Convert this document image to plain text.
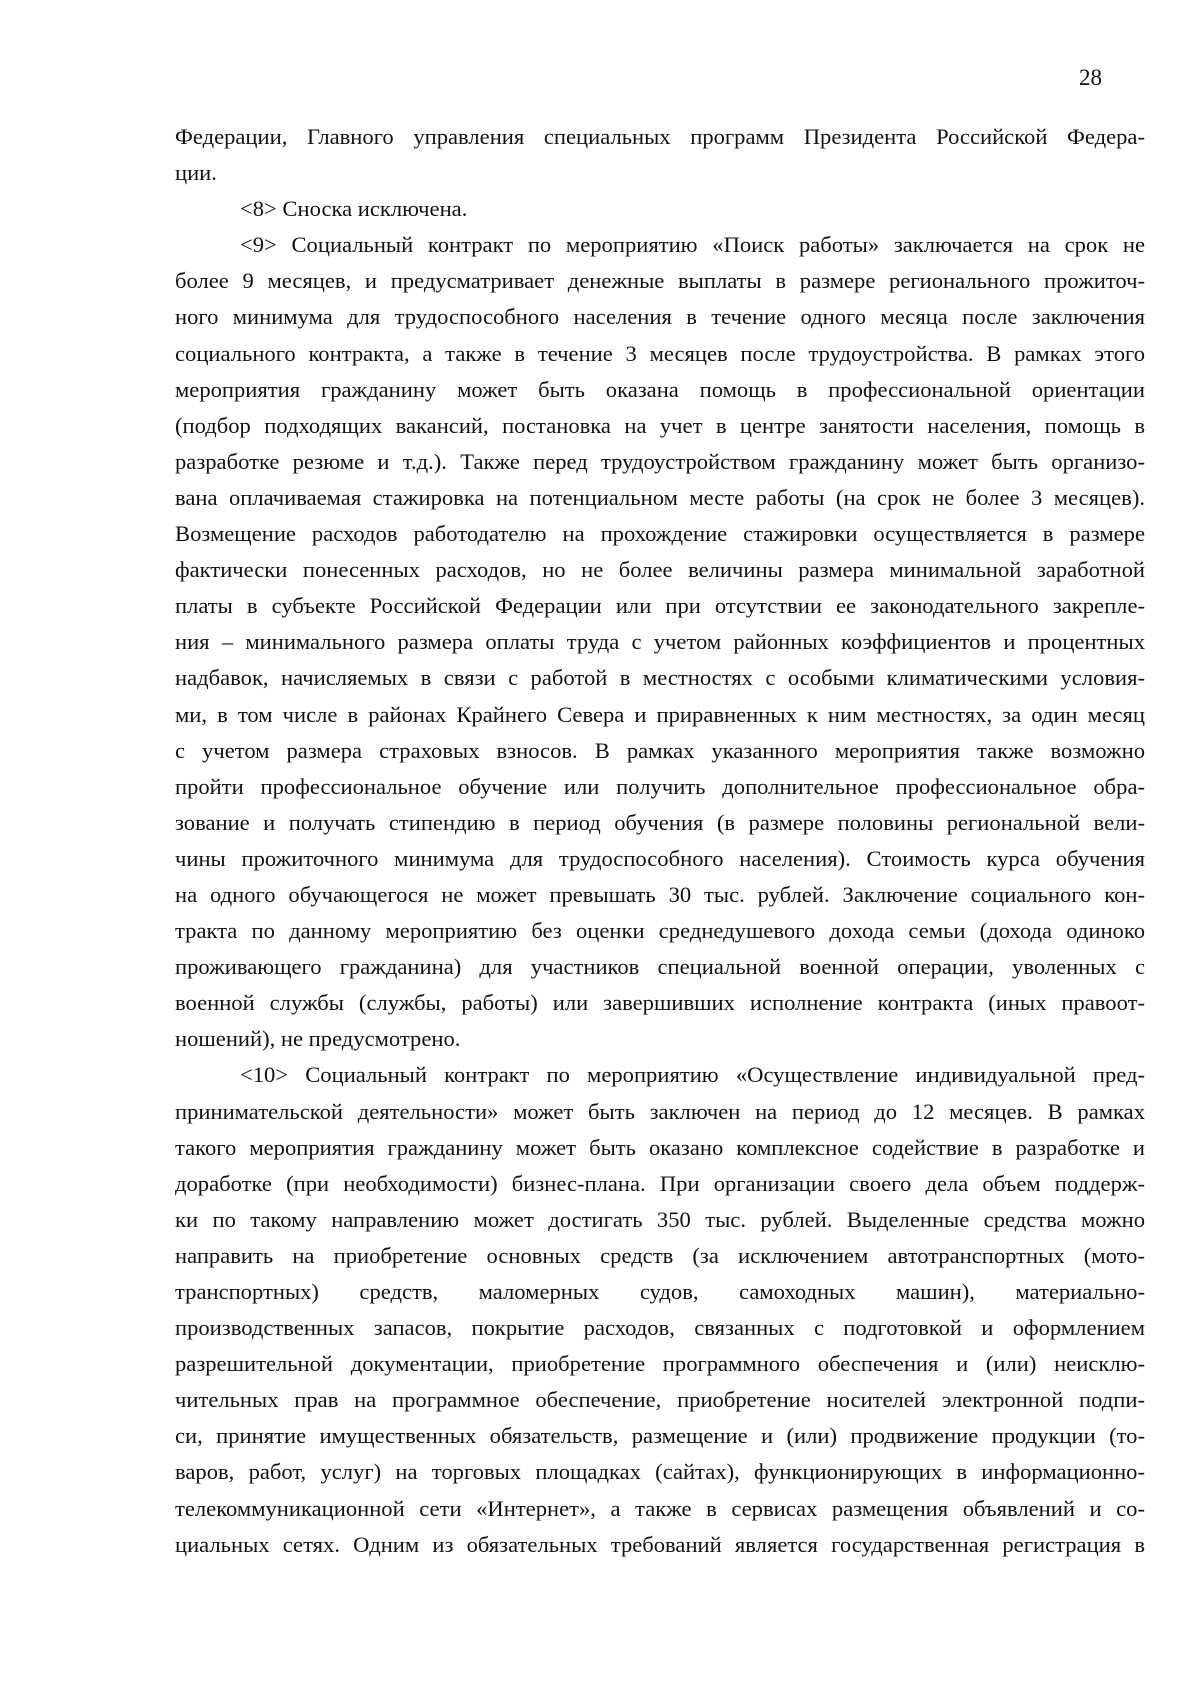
28
Федерации, Главного управления специальных программ Президента Российской Федера-
ции.
<8> Сноска исключена.
<9> Социальный контракт по мероприятию «Поиск работы» заключается на срок не
более 9 месяцев, и предусматривает денежные выплаты в размере регионального прожиточ-
ного минимума для трудоспособного населения в течение одного месяца после заключения
социального контракта, а также в течение 3 месяцев после трудоустройства. В рамках этого
мероприятия гражданину может быть оказана помощь в профессиональной ориентации
(подбор подходящих вакансий, постановка на учет в центре занятости населения, помощь в
разработке резюме и т.д.). Также перед трудоустройством гражданину может быть организо-
вана оплачиваемая стажировка на потенциальном месте работы (на срок не более 3 месяцев).
Возмещение расходов работодателю на прохождение стажировки осуществляется в размере
фактически понесенных расходов, но не более величины размера минимальной заработной
платы в субъекте Российской Федерации или при отсутствии ее законодательного закрепле-
ния – минимального размера оплаты труда с учетом районных коэффициентов и процентных
надбавок, начисляемых в связи с работой в местностях с особыми климатическими условия-
ми, в том числе в районах Крайнего Севера и приравненных к ним местностях, за один месяц
с учетом размера страховых взносов. В рамках указанного мероприятия также возможно
пройти профессиональное обучение или получить дополнительное профессиональное обра-
зование и получать стипендию в период обучения (в размере половины региональной вели-
чины прожиточного минимума для трудоспособного населения). Стоимость курса обучения
на одного обучающегося не может превышать 30 тыс. рублей. Заключение социального кон-
тракта по данному мероприятию без оценки среднедушевого дохода семьи (дохода одиноко
проживающего гражданина) для участников специальной военной операции, уволенных с
военной службы (службы, работы) или завершивших исполнение контракта (иных правоот-
ношений), не предусмотрено.
<10> Социальный контракт по мероприятию «Осуществление индивидуальной пред-
принимательской деятельности» может быть заключен на период до 12 месяцев. В рамках
такого мероприятия гражданину может быть оказано комплексное содействие в разработке и
доработке (при необходимости) бизнес-плана. При организации своего дела объем поддерж-
ки по такому направлению может достигать 350 тыс. рублей. Выделенные средства можно
направить на приобретение основных средств (за исключением автотранспортных (мото-
транспортных) средств, маломерных судов, самоходных машин), материально-
производственных запасов, покрытие расходов, связанных с подготовкой и оформлением
разрешительной документации, приобретение программного обеспечения и (или) неисклю-
чительных прав на программное обеспечение, приобретение носителей электронной подпи-
си, принятие имущественных обязательств, размещение и (или) продвижение продукции (то-
варов, работ, услуг) на торговых площадках (сайтах), функционирующих в информационно-
телекоммуникационной сети «Интернет», а также в сервисах размещения объявлений и со-
циальных сетях. Одним из обязательных требований является государственная регистрация в
